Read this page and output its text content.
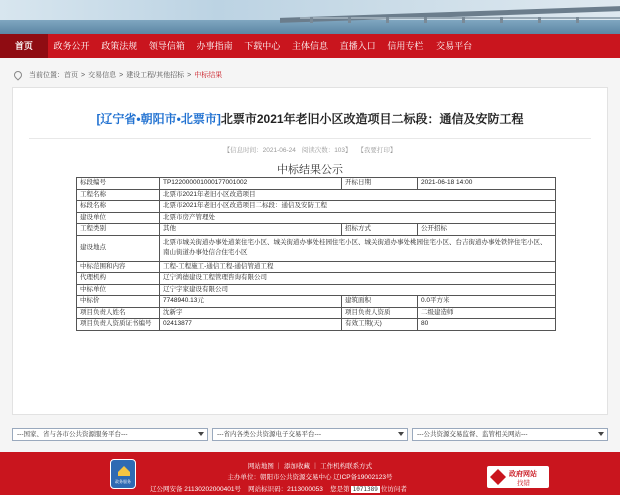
首页	政务公开	政策法规	领导信箱	办事指南	下载中心	主体信息	直播入口	信用专栏	交易平台
当前位置： 首页 > 交易信息 > 建设工程/其他招标 > 中标结果
[辽宁省•朝阳市•北票市]北票市2021年老旧小区改造项目二标段：通信及安防工程
【信息时间：2021-06-24 阅读次数：103】 【我要打印】
中标结果公示
标段编号	TP122000001000177001002	开标日期	2021-06-18 14:00
工程名称	北票市2021年老旧小区改造项目		
标段名称	北票市2021年老旧小区改造项目二标段：通信及安防工程		
建设单位	北票市房产管理处		
工程类别	其他	招标方式	公开招标
建设地点	北票市城关街道办事处道莱住宅小区、城关街道办事处桂园住宅小区、城关街道办事处桃园住宅小区、台吉街道办事处铁锌住宅小区、南山街道办事处信合住宅小区		
中标范围和内容	工程-工程施工-通信工程-通信管道工程		
代理机构	辽宁鸿德建设工程管理咨询有限公司		
中标单位	辽宁宇家建设有限公司		
中标价	7748940.13元	建筑面积	0.0平方米
项目负责人姓名	沈新宇	项目负责人资质	二级建造师
项目负责人资质证书编号	02413877	有效工期(天)	80
---国家、省与各市公共资源服务平台---	---省内各类公共资源电子交易平台---	---公共资源交易监督、监管相关网站---
网站地图 ｜ 添加收藏 ｜ 工作机构联系方式
主办单位：朝阳市公共资源交易中心 辽ICP备19002123号
辽公网安备 21130202000401号 网站标识码：2113000053 您是第 1071389 位访问者
政务服务
政府网站
找错
